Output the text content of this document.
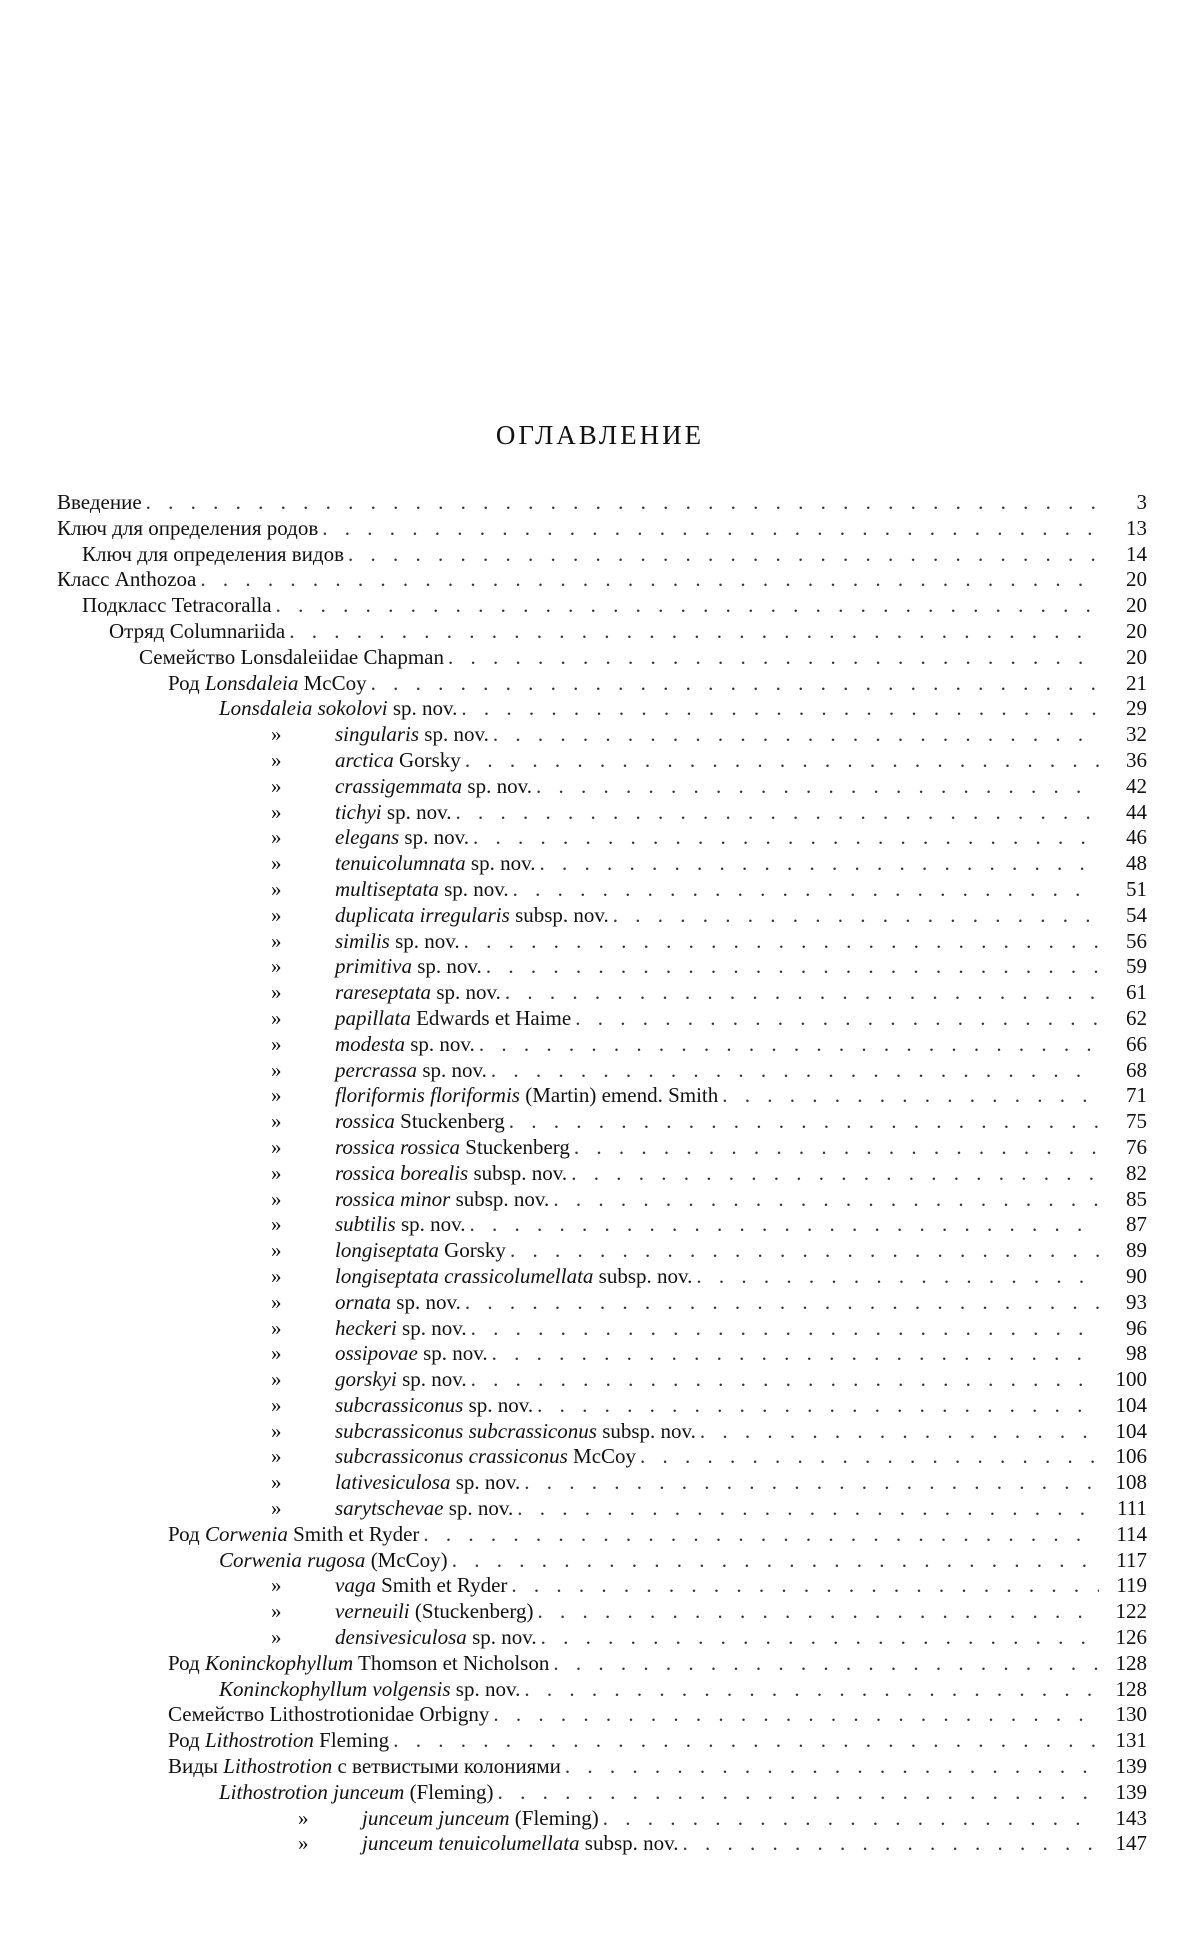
ОГЛАВЛЕНИЕ
Введение . . .	3
Ключ для определения родов . . .	13
Ключ для определения видов . . .	14
Класс Anthozoa . . .	20
Подкласс Tetracoralla . . .	20
Отряд Columnariida . . .	20
Семейство Lonsdaleiidae Chapman . . .	20
Род Lonsdaleia McCoy . . .	21
Lonsdaleia sokolovi sp. nov. . . .	29
»	singularis sp. nov. . . .	32
»	arctica Gorsky . . .	36
»	crassigemmata sp. nov. . . .	42
»	tichyi sp. nov. . . .	44
»	elegans sp. nov. . . .	46
»	tenuicolumnata sp. nov. . . .	48
»	multiseptata sp. nov. . . .	51
»	duplicata irregularis subsp. nov. . . .	54
»	similis sp. nov. . . .	56
»	primitiva sp. nov. . . .	59
»	rareseptata sp. nov. . . .	61
»	papillata Edwards et Haime . . .	62
»	modesta sp. nov. . . .	66
»	percrassa sp. nov. . . .	68
»	floriformis floriformis (Martin) emend. Smith . . .	71
»	rossica Stuckenberg . . .	75
»	rossica rossica Stuckenberg . . .	76
»	rossica borealis subsp. nov. . . .	82
»	rossica minor subsp. nov. . . .	85
»	subtilis sp. nov. . . .	87
»	longiseptata Gorsky . . .	89
»	longiseptata crassicolumellata subsp. nov. . . .	90
»	ornata sp. nov. . . .	93
»	heckeri sp. nov. . . .	96
»	ossipovae sp. nov. . . .	98
»	gorskyi sp. nov. . . .	100
»	subcrassiconus sp. nov. . . .	104
»	subcrassiconus subcrassiconus subsp. nov. . . .	104
»	subcrassiconus crassiconus McCoy . . .	106
»	lativesiculosa sp. nov. . . .	108
»	sarytschevae sp. nov. . . .	111
Род Corwenia Smith et Ryder . . .	114
Corwenia rugosa (McCoy) . . .	117
»	vaga Smith et Ryder . . .	119
»	verneuili (Stuckenberg) . . .	122
»	densivesiculosa sp. nov. . . .	126
Род Koninckophyllum Thomson et Nicholson . . .	128
Koninckophyllum volgensis sp. nov. . . .	128
Семейство Lithostrotionidae Orbigny . . .	130
Род Lithostrotion Fleming . . .	131
Виды Lithostrotion с ветвистыми колониями . . .	139
Lithostrotion junceum (Fleming) . . .	139
»	junceum junceum (Fleming) . . .	143
»	junceum tenuicolumellata subsp. nov. . . .	147
